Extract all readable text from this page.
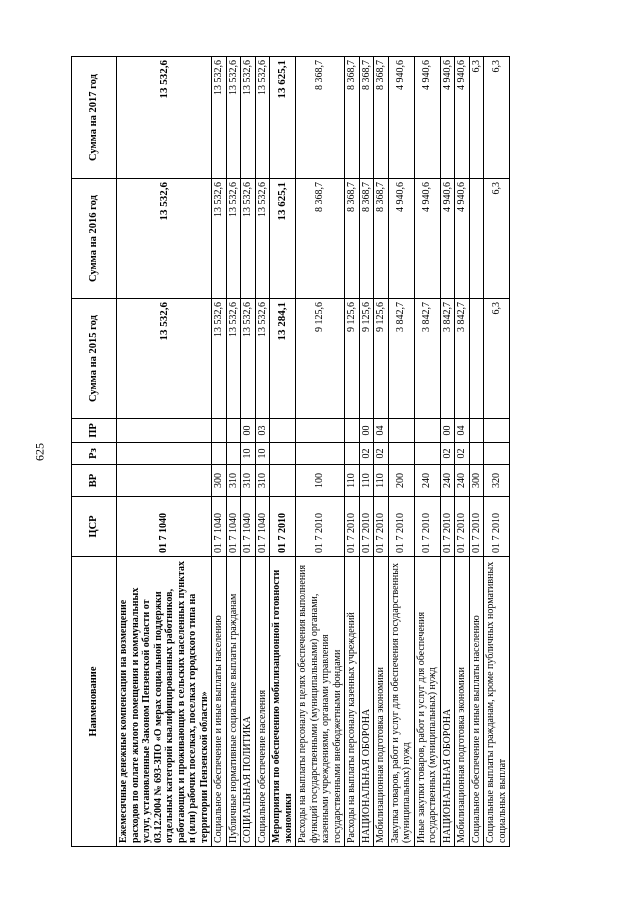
625
Наименование	ЦСР	ВР	Рз	ПР	Сумма на 2015 год	Сумма на 2016 год	Сумма на 2017 год
Ежемесячные денежные компенсации на возмещение расходов по оплате жилого помещения и коммунальных услуг, установленные Законом Пензенской области от 03.12.2004 № 693-ЗПО «О мерах социальной поддержки отдельных категорий квалифицированных работников, работающих и проживающих в сельских населенных пунктах и (или) рабочих поселках, поселках городского типа на территории Пензенской области»	01 7 1040				13 532,6	13 532,6	13 532,6
Социальное обеспечение и иные выплаты населению	01 7 1040	300			13 532,6	13 532,6	13 532,6
Публичные нормативные социальные выплаты гражданам	01 7 1040	310			13 532,6	13 532,6	13 532,6
СОЦИАЛЬНАЯ ПОЛИТИКА	01 7 1040	310	10	00	13 532,6	13 532,6	13 532,6
Социальное обеспечение населения	01 7 1040	310	10	03	13 532,6	13 532,6	13 532,6
Мероприятия по обеспечению мобилизационной готовности экономики	01 7 2010				13 284,1	13 625,1	13 625,1
Расходы на выплаты персоналу в целях обеспечения выполнения функций государственными (муниципальными) органами, казенными учреждениями, органами управления государственными внебюджетными фондами	01 7 2010	100			9 125,6	8 368,7	8 368,7
Расходы на выплаты персоналу казенных учреждений	01 7 2010	110			9 125,6	8 368,7	8 368,7
НАЦИОНАЛЬНАЯ ОБОРОНА	01 7 2010	110	02	00	9 125,6	8 368,7	8 368,7
Мобилизационная подготовка экономики	01 7 2010	110	02	04	9 125,6	8 368,7	8 368,7
Закупка товаров, работ и услуг для обеспечения государственных (муниципальных) нужд	01 7 2010	200			3 842,7	4 940,6	4 940,6
Иные закупки товаров, работ и услуг для обеспечения государственных (муниципальных) нужд	01 7 2010	240			3 842,7	4 940,6	4 940,6
НАЦИОНАЛЬНАЯ ОБОРОНА	01 7 2010	240	02	00	3 842,7	4 940,6	4 940,6
Мобилизационная подготовка экономики	01 7 2010	240	02	04	3 842,7	4 940,6	4 940,6
Социальное обеспечение и иные выплаты населению	01 7 2010	300					6,3
Социальные выплаты гражданам, кроме публичных нормативных социальных выплат	01 7 2010	320			6,3	6,3	6,3
